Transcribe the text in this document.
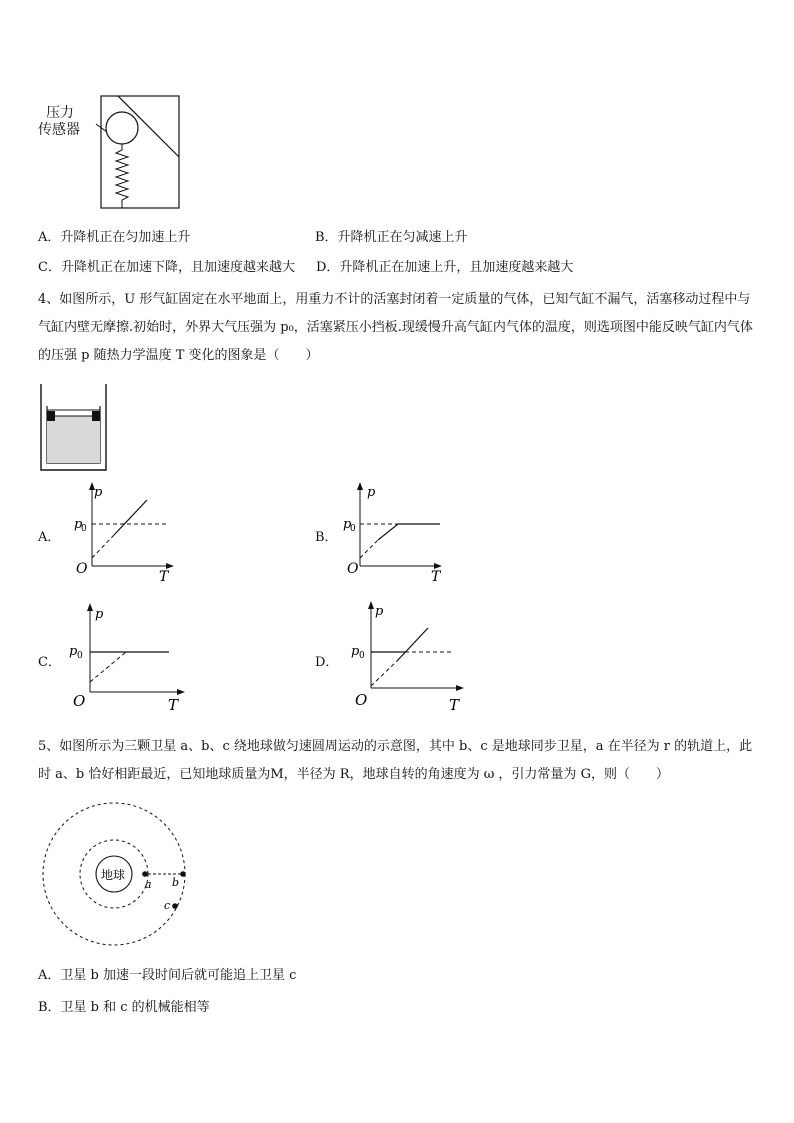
压力
传感器
A．升降机正在匀加速上升	B．升降机正在匀减速上升
C．升降机正在加速下降，且加速度越来越大 D．升降机正在加速上升，且加速度越来越大
4、如图所示，U 形气缸固定在水平地面上，用重力不计的活塞封闭着一定质量的气体，已知气缸不漏气，活塞移动过程中与气缸内壁无摩擦.初始时，外界大气压强为 p₀，活塞紧压小挡板.现缓慢升高气缸内气体的温度，则选项图中能反映气缸内气体的压强 p 随热力学温度 T 变化的图象是（　　）
A．
p
T
O
p
0
B．
p
T
O
p
0
C．
p
T
O
p 0	D．
p
T
O
p 0
5、如图所示为三颗卫星 a、b、c 绕地球做匀速圆周运动的示意图，其中 b、c 是地球同步卫星，a 在半径为 r 的轨道上，此时 a、b 恰好相距最近，已知地球质量为M，半径为 R，地球自转的角速度为 ω ，引力常量为 G，则（　　）
地球
a b
c
A．卫星 b 加速一段时间后就可能追上卫星 c
B．卫星 b 和 c 的机械能相等
